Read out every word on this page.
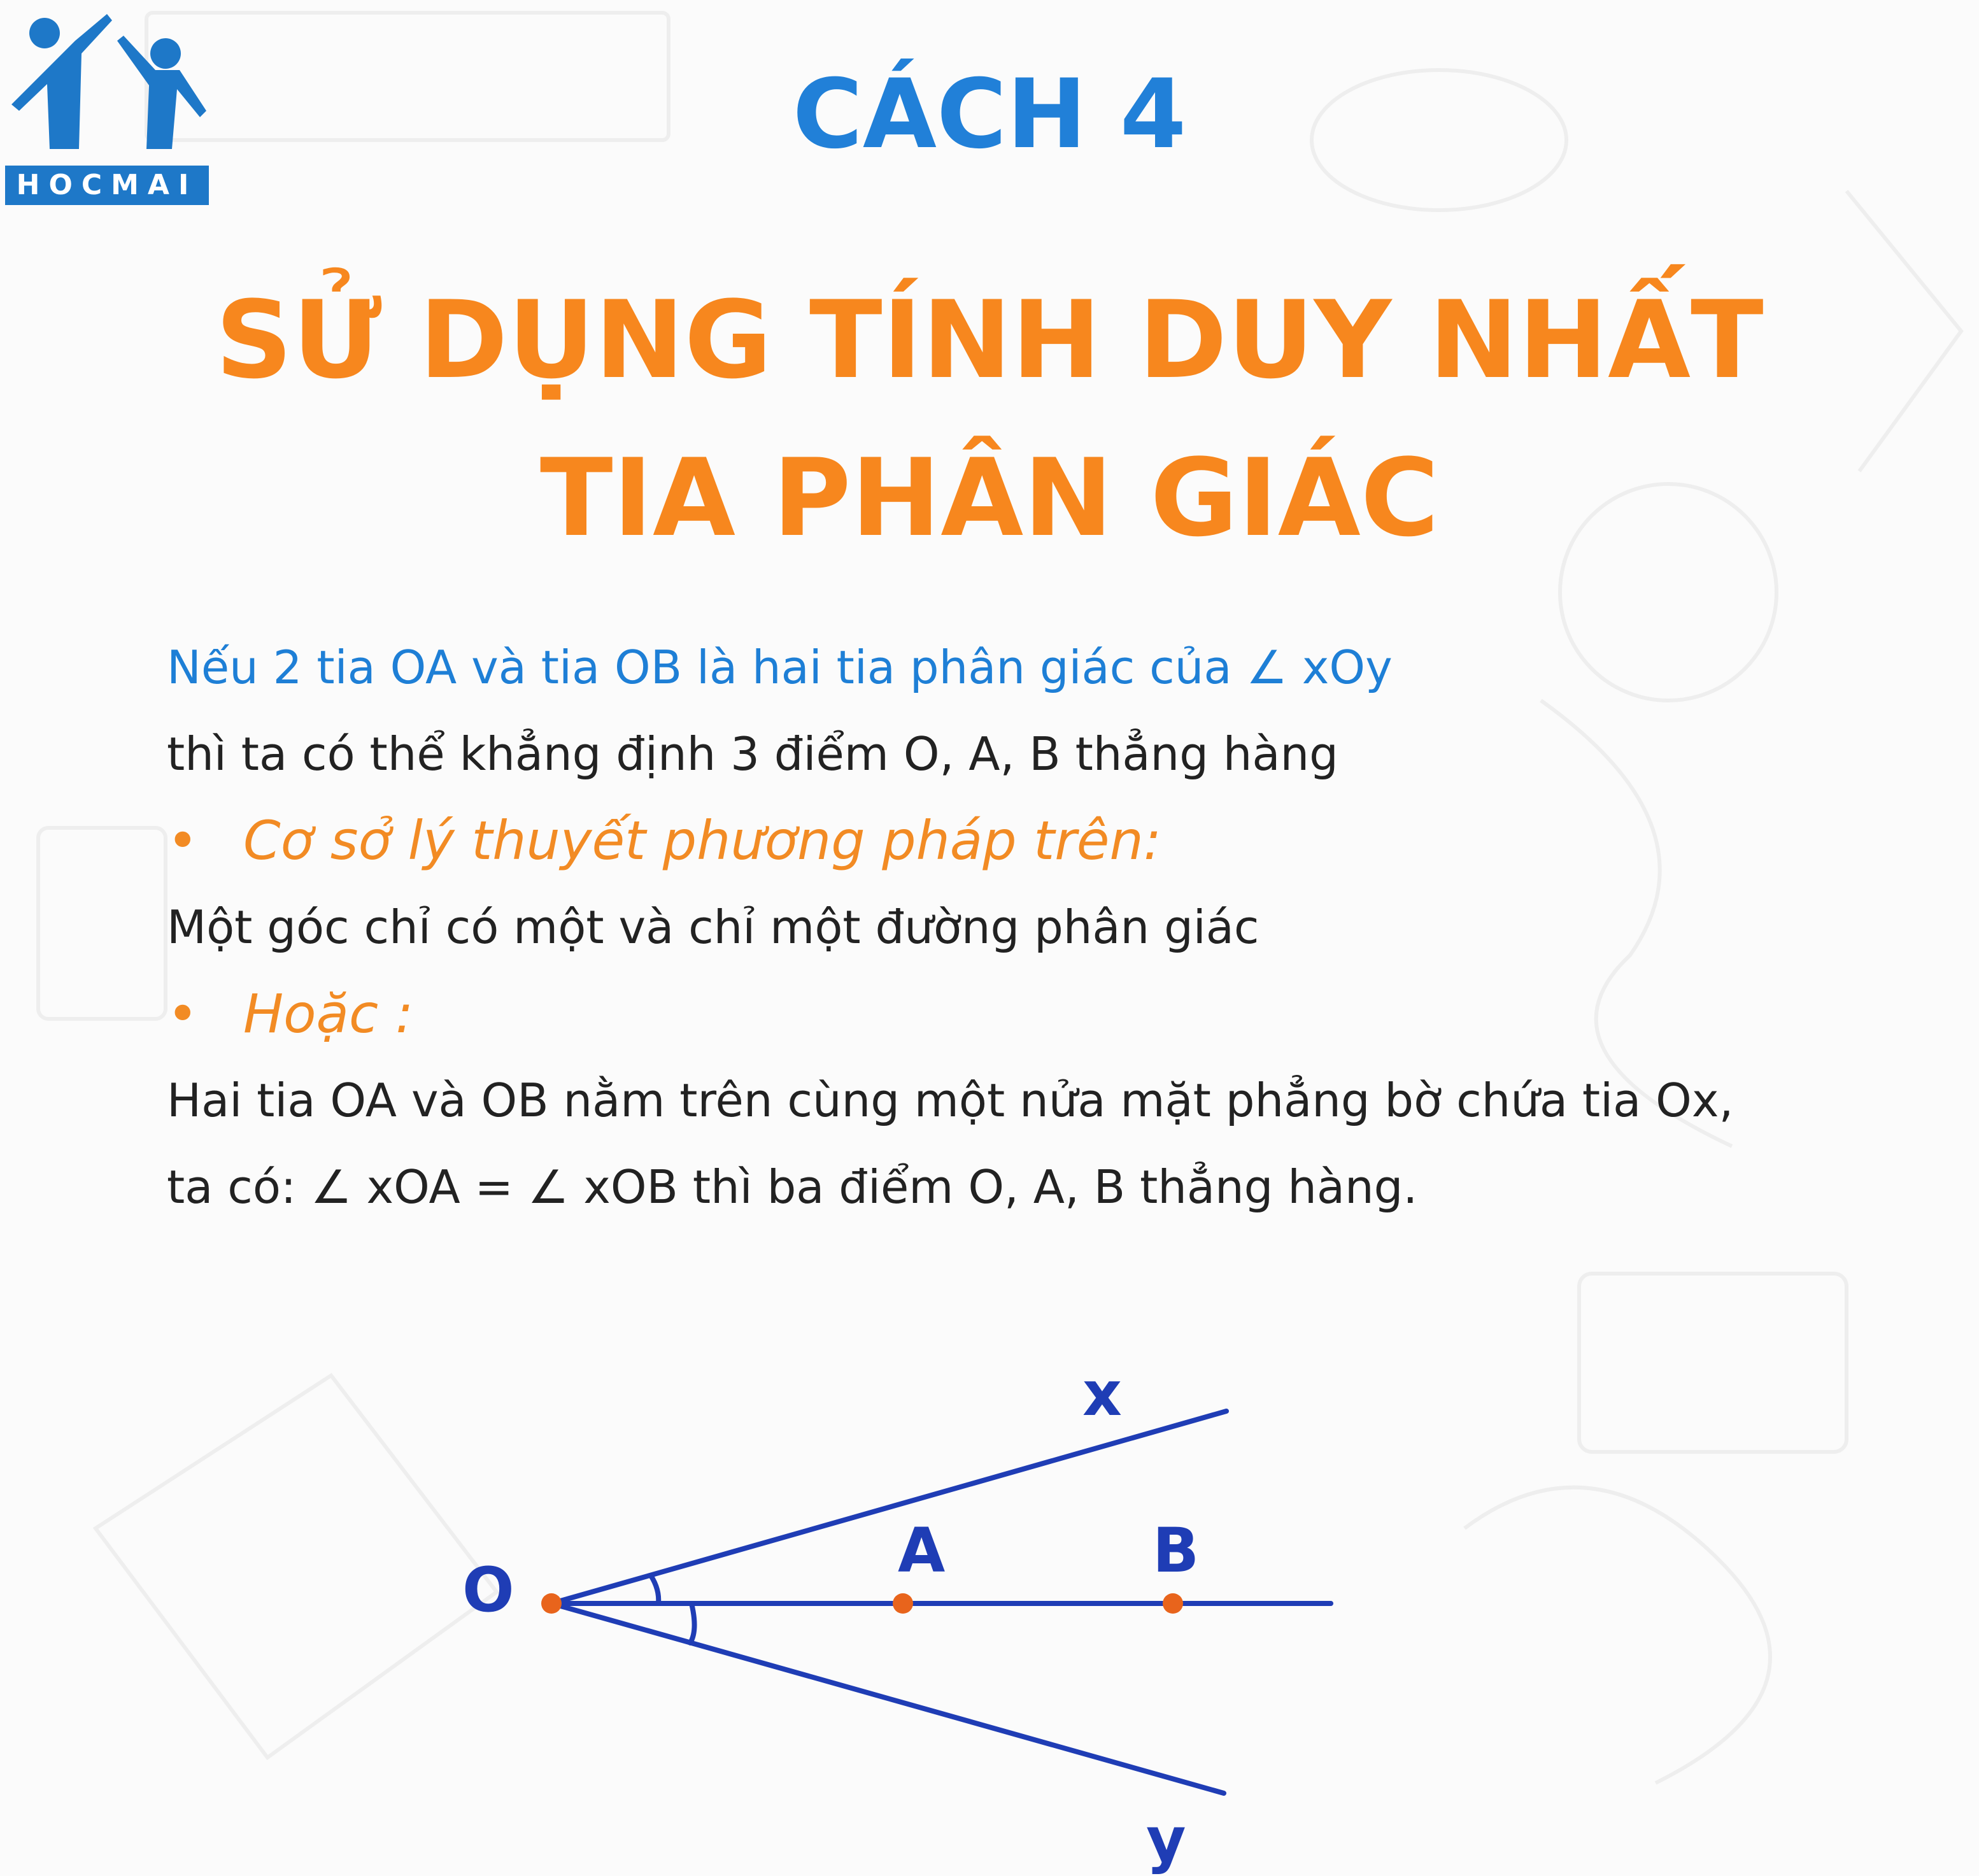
HOCMAI
CÁCH 4
SỬ DỤNG TÍNH DUY NHẤT
TIA PHÂN GIÁC
Nếu 2 tia OA và tia OB là hai tia phân giác của ∠ xOy
thì ta có thể khẳng định 3 điểm O, A, B thẳng hàng
• Cơ sở lý thuyết phương pháp trên:
Một góc chỉ có một và chỉ một đường phân giác
• Hoặc :
Hai tia OA và OB nằm trên cùng một nửa mặt phẳng bờ chứa tia Ox,
ta có: ∠ xOA = ∠ xOB thì ba điểm O, A, B thẳng hàng.
O
x
A	B
y
